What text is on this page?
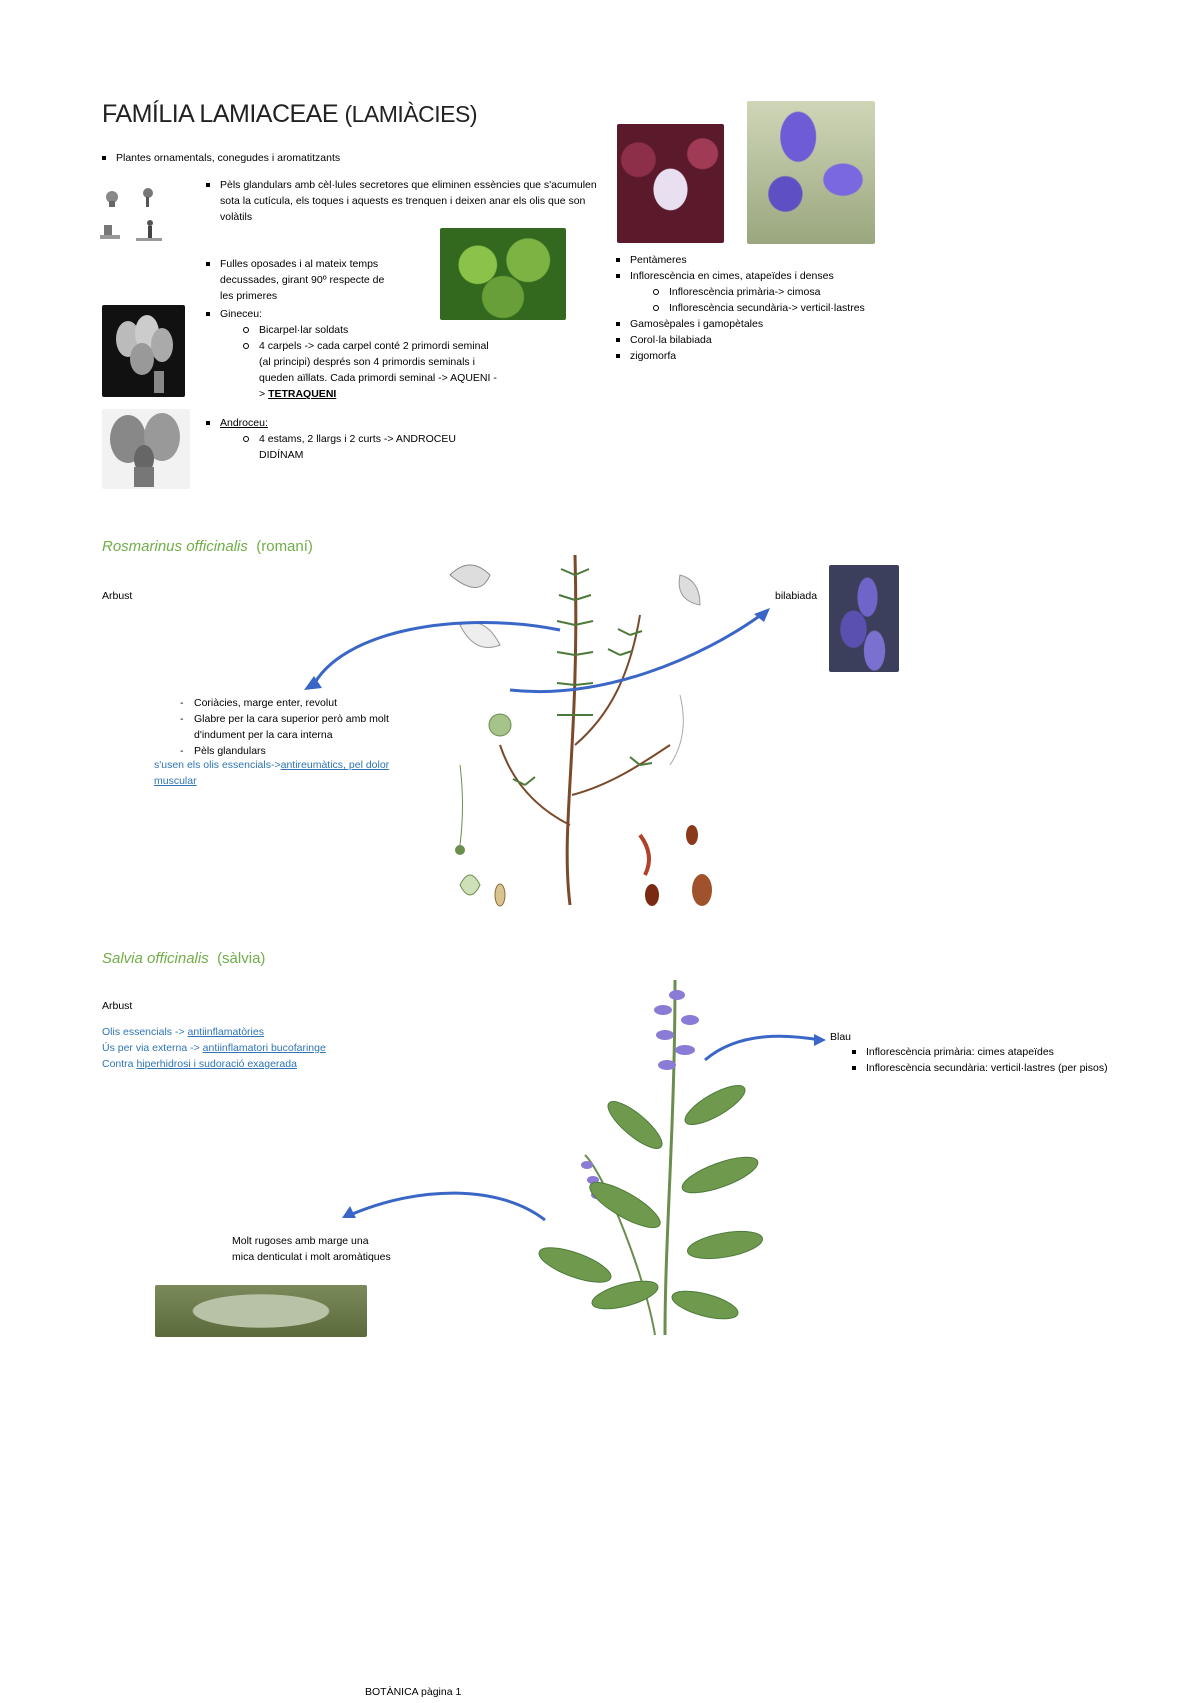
FAMÍLIA LAMIACEAE (LAMIÀCIES)
Plantes ornamentals, conegudes i aromatitzants
Pèls glandulars amb cèl·lules secretores que eliminen essències que s'acumulen sota la cutícula, els toques i aquests es trenquen i deixen anar els olis que son volàtils
Fulles oposades i al mateix temps decussades, girant 90º respecte de les primeres
Gineceu:
Bicarpel·lar soldats
4 carpels -> cada carpel conté 2 primordi seminal (al principi) després son 4 primordis seminals i queden aïllats. Cada primordi seminal -> AQUENI -> TETRAQUENI
Androceu:
4 estams, 2 llargs i 2 curts -> ANDROCEU DIDÍNAM
Pentàmeres
Inflorescència en cimes, atapeïdes i denses
Inflorescència primària-> cimosa
Inflorescència secundària-> verticil·lastres
Gamosèpales i gamopètales
Corol·la bilabiada
zigomorfa
Rosmarinus officinalis (romaní)
Arbust	bilabiada
- Coriàcies, marge enter, revolut
- Glabre per la cara superior però amb molt d'indument per la cara interna
- Pèls glandulars
s'usen els olis essencials->antireumàtics, pel dolor muscular
Salvia officinalis (sàlvia)
Arbust
Olis essencials -> antiinflamatòries
Ús per via externa -> antiinflamatori bucofaringe
Contra hiperhidrosi i sudoració exagerada
Blau
Inflorescència primària: cimes atapeïdes
Inflorescència secundària: verticil·lastres (per pisos)
Molt rugoses amb marge una mica denticulat i molt aromàtiques
BOTÀNICA pàgina 1
